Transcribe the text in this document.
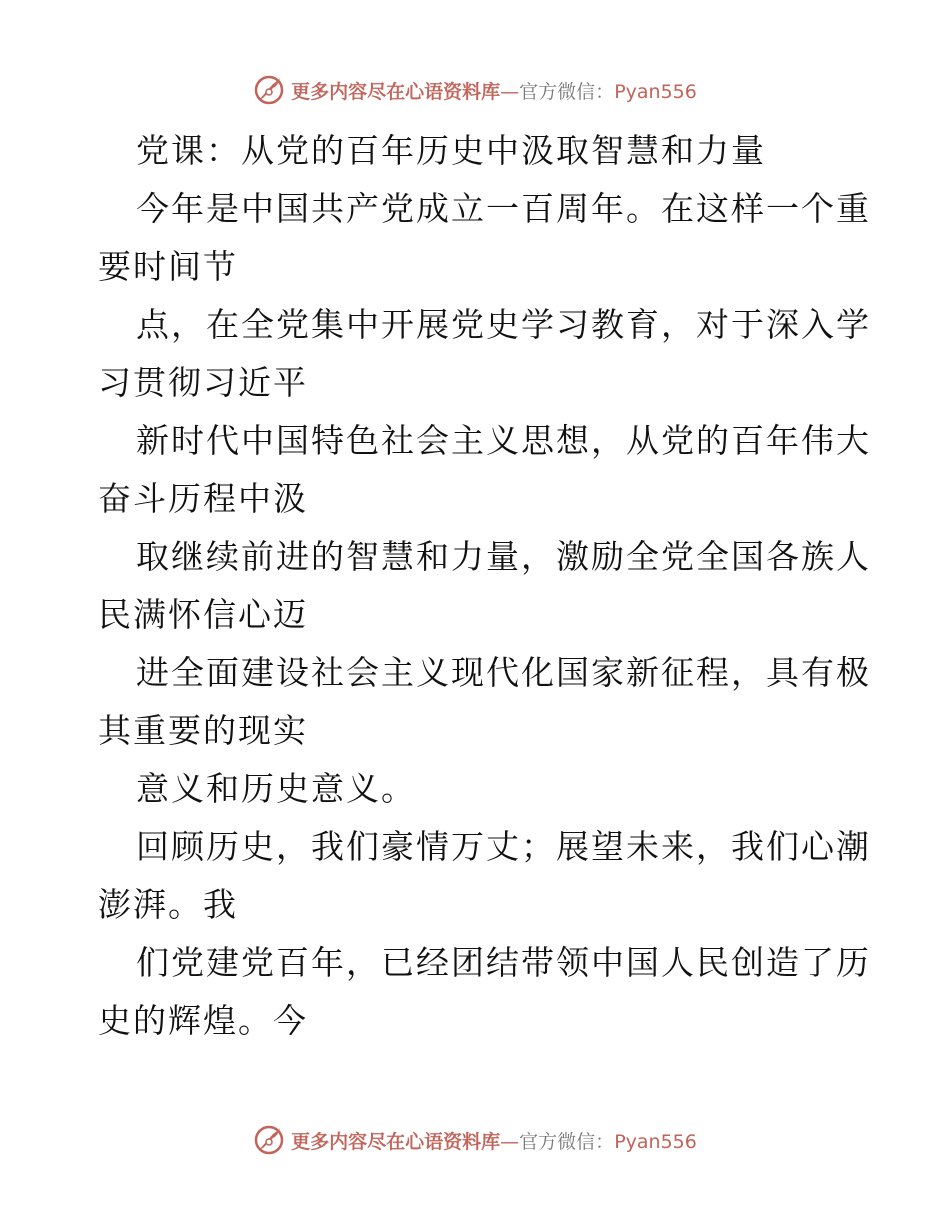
更多内容尽在心语资料库—官方微信：Pyan556
党课：从党的百年历史中汲取智慧和力量
今年是中国共产党成立一百周年。在这样一个重
要时间节
点，在全党集中开展党史学习教育，对于深入学
习贯彻习近平
新时代中国特色社会主义思想，从党的百年伟大
奋斗历程中汲
取继续前进的智慧和力量，激励全党全国各族人
民满怀信心迈
进全面建设社会主义现代化国家新征程，具有极
其重要的现实
意义和历史意义。
回顾历史，我们豪情万丈；展望未来，我们心潮
澎湃。我
们党建党百年，已经团结带领中国人民创造了历
史的辉煌。今
更多内容尽在心语资料库—官方微信：Pyan556
